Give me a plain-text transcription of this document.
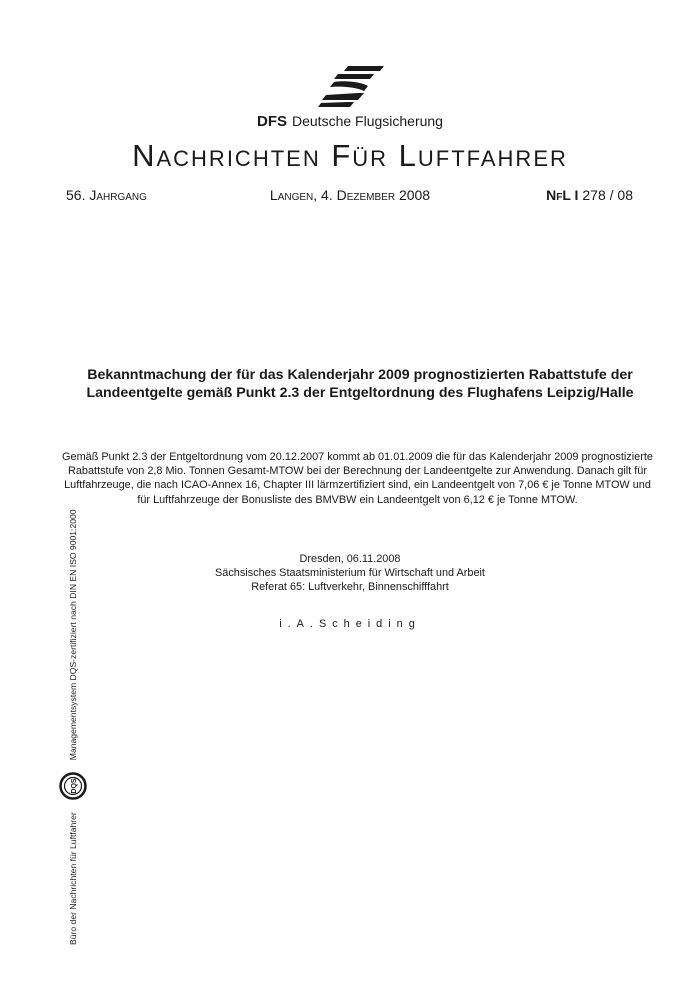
DFS Deutsche Flugsicherung
Nachrichten Für Luftfahrer
56. Jahrgang	Langen, 4. Dezember 2008	NfL I 278 / 08
Bekanntmachung der für das Kalenderjahr 2009 prognostizierten Rabattstufe der
Landeentgelte gemäß Punkt 2.3 der Entgeltordnung des Flughafens Leipzig/Halle
Gemäß Punkt 2.3 der Entgeltordnung vom 20.12.2007 kommt ab 01.01.2009 die für das Kalenderjahr 2009 prognostizierte
Rabattstufe von 2,8 Mio. Tonnen Gesamt-MTOW bei der Berechnung der Landeentgelte zur Anwendung. Danach gilt für
Luftfahrzeuge, die nach ICAO-Annex 16, Chapter III lärmzertifiziert sind, ein Landeentgelt von 7,06 € je Tonne MTOW und
für Luftfahrzeuge der Bonusliste des BMVBW ein Landeentgelt von 6,12 € je Tonne MTOW.
Dresden, 06.11.2008
Sächsisches Staatsministerium für Wirtschaft und Arbeit
Referat 65: Luftverkehr, Binnenschifffahrt
i.A.Scheiding
Büro der Nachrichten für Luftfahrer
DQS
Managementsystem DQS-zertifiziert nach DIN EN ISO 9001:2000
